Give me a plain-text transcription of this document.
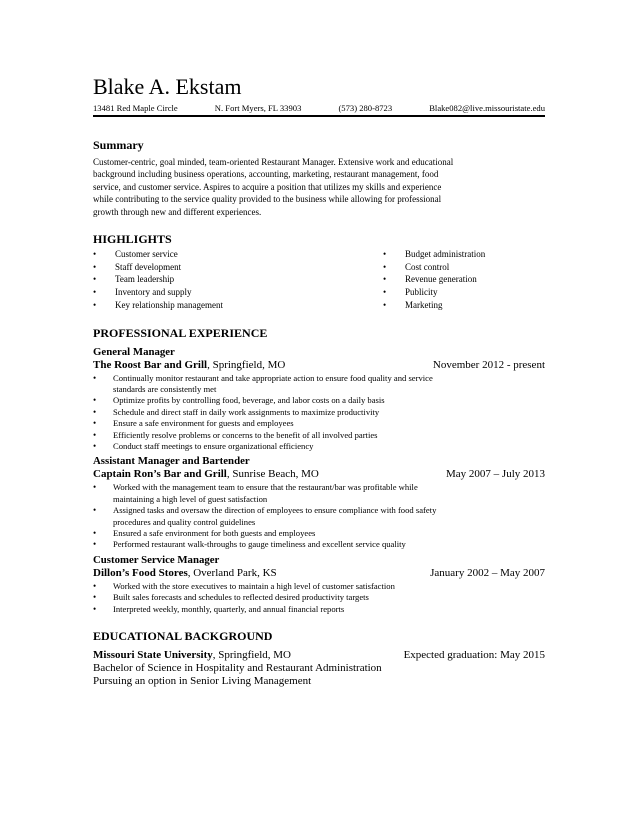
Blake A. Ekstam
13481 Red Maple Circle	N. Fort Myers, FL 33903	(573) 280-8723	Blake082@live.missouristate.edu
Summary
Customer-centric, goal minded, team-oriented Restaurant Manager. Extensive work and educational
background including business operations, accounting, marketing, restaurant management, food
service, and customer service. Aspires to acquire a position that utilizes my skills and experience
while contributing to the service quality provided to the business while allowing for professional
growth through new and different experiences.
HIGHLIGHTS
•	Customer service
•	Staff development
•	Team leadership
•	Inventory and supply
•	Key relationship management
•	Budget administration
•	Cost control
•	Revenue generation
•	Publicity
•	Marketing
PROFESSIONAL EXPERIENCE
General Manager
The Roost Bar and Grill, Springfield, MO	November 2012 - present
•	Continually monitor restaurant and take appropriate action to ensure food quality and service
standards are consistently met
•	Optimize profits by controlling food, beverage, and labor costs on a daily basis
•	Schedule and direct staff in daily work assignments to maximize productivity
•	Ensure a safe environment for guests and employees
•	Efficiently resolve problems or concerns to the benefit of all involved parties
•	Conduct staff meetings to ensure organizational efficiency
Assistant Manager and Bartender
Captain Ron’s Bar and Grill, Sunrise Beach, MO	May 2007 – July 2013
•	Worked with the management team to ensure that the restaurant/bar was profitable while
maintaining a high level of guest satisfaction
•	Assigned tasks and oversaw the direction of employees to ensure compliance with food safety
procedures and quality control guidelines
•	Ensured a safe environment for both guests and employees
•	Performed restaurant walk-throughs to gauge timeliness and excellent service quality
Customer Service Manager
Dillon’s Food Stores, Overland Park, KS	January 2002 – May 2007
•	Worked with the store executives to maintain a high level of customer satisfaction
•	Built sales forecasts and schedules to reflected desired productivity targets
•	Interpreted weekly, monthly, quarterly, and annual financial reports
EDUCATIONAL BACKGROUND
Missouri State University, Springfield, MO	Expected graduation: May 2015
Bachelor of Science in Hospitality and Restaurant Administration
Pursuing an option in Senior Living Management
